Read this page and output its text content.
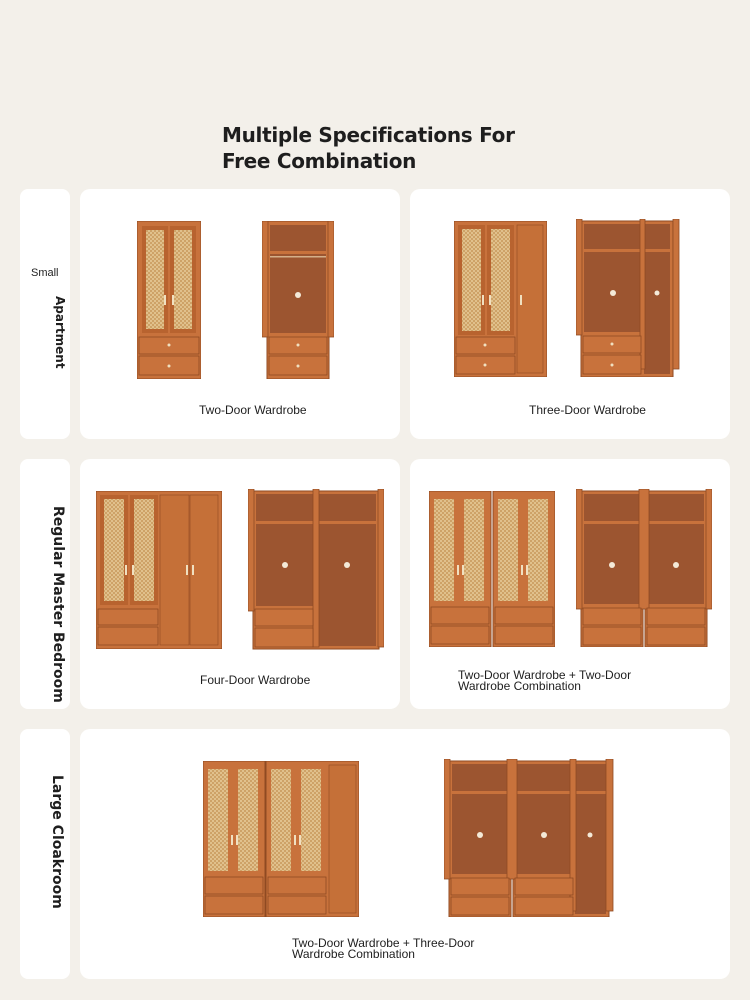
Multiple Specifications For
Free Combination
Small
Apartment
Two-Door Wardrobe	Three-Door Wardrobe
Regular Master Bedroom	Four-Door Wardrobe	Two-Door Wardrobe + Two-Door
Wardrobe Combination
Large Cloakroom
Two-Door Wardrobe + Three-Door
Wardrobe Combination
